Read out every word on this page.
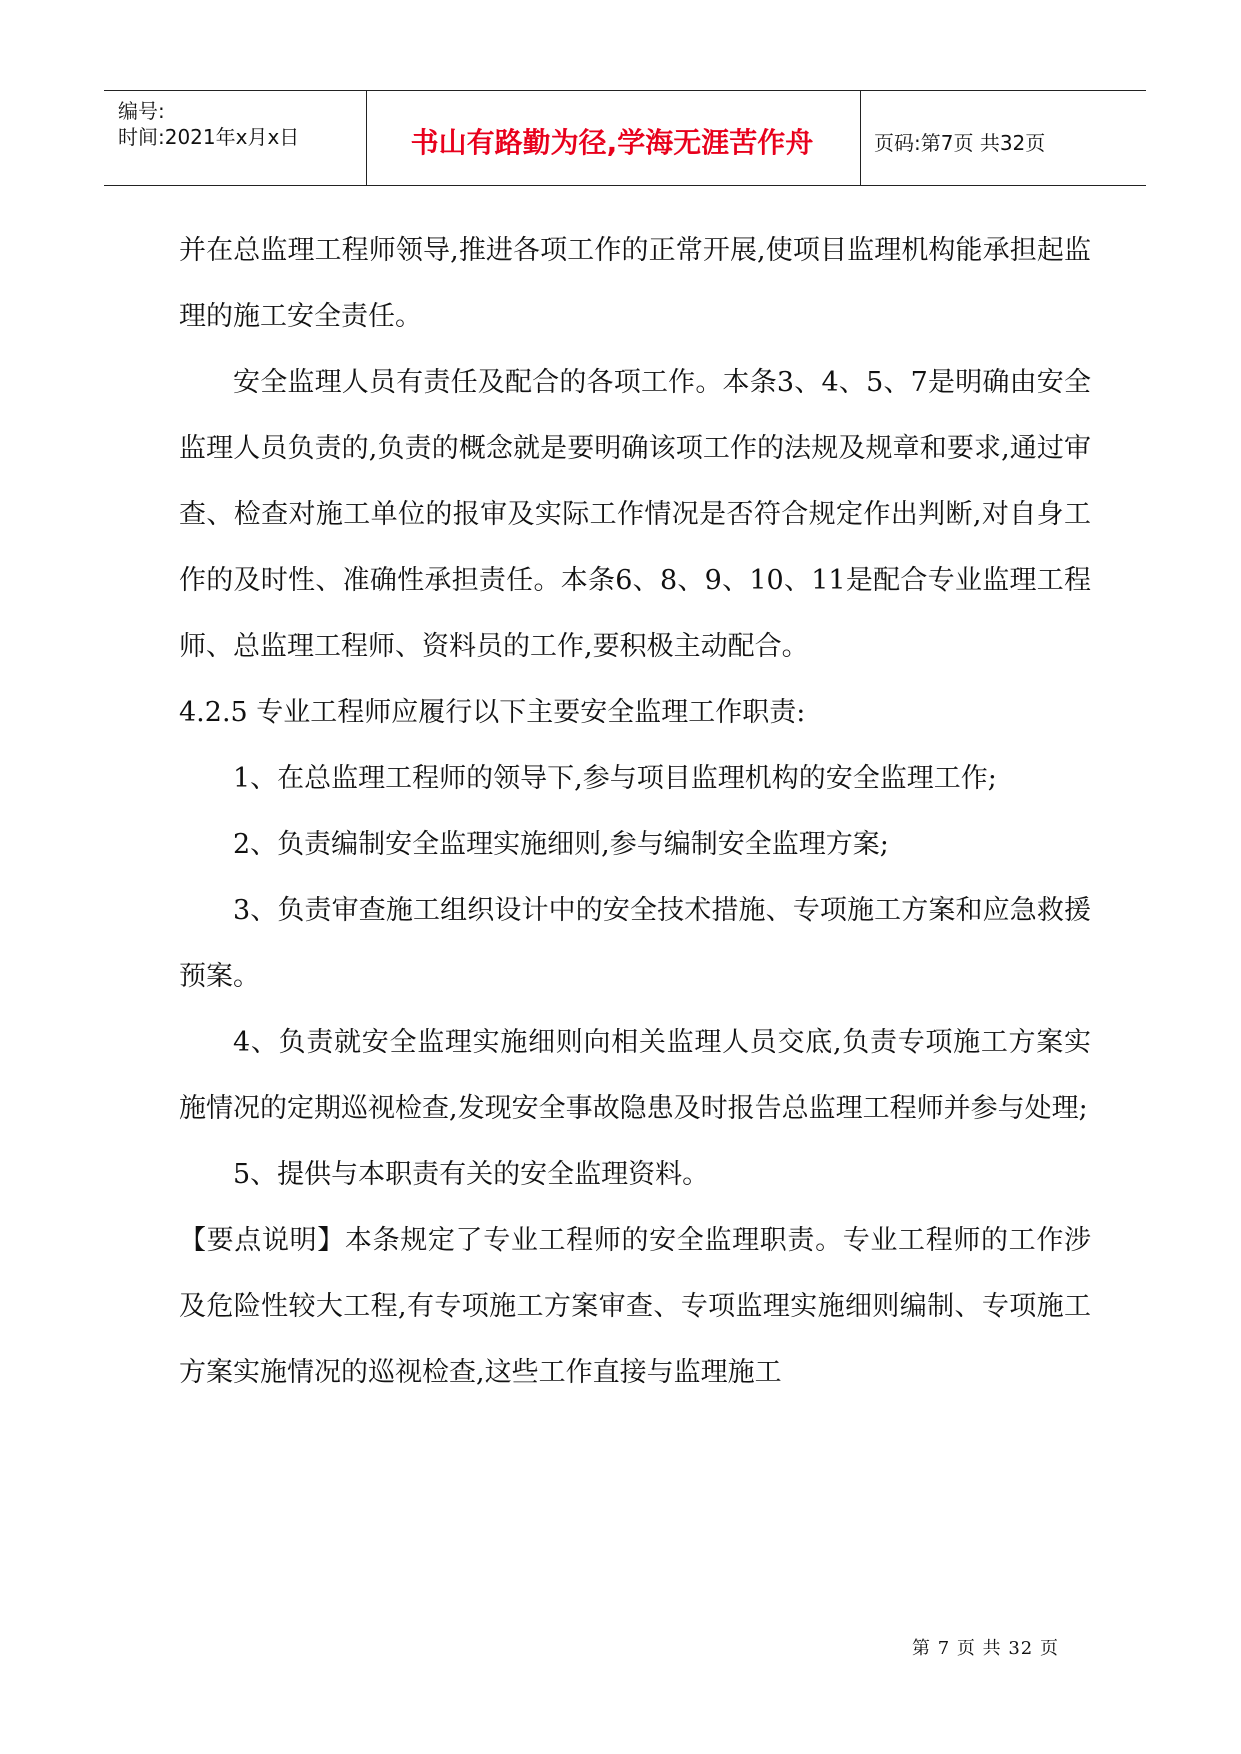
编号:
时间:2021年x月x日	书山有路勤为径,学海无涯苦作舟	页码:第7页 共32页

并在总监理工程师领导,推进各项工作的正常开展,使项目监理机构能承担起监理的施工安全责任。

安全监理人员有责任及配合的各项工作。本条3、4、5、7是明确由安全监理人员负责的,负责的概念就是要明确该项工作的法规及规章和要求,通过审查、检查对施工单位的报审及实际工作情况是否符合规定作出判断,对自身工作的及时性、准确性承担责任。本条6、8、9、10、11是配合专业监理工程师、总监理工程师、资料员的工作,要积极主动配合。

4.2.5 专业工程师应履行以下主要安全监理工作职责:

1、在总监理工程师的领导下,参与项目监理机构的安全监理工作;

2、负责编制安全监理实施细则,参与编制安全监理方案;

3、负责审查施工组织设计中的安全技术措施、专项施工方案和应急救援预案。

4、负责就安全监理实施细则向相关监理人员交底,负责专项施工方案实施情况的定期巡视检查,发现安全事故隐患及时报告总监理工程师并参与处理;

5、提供与本职责有关的安全监理资料。

【要点说明】本条规定了专业工程师的安全监理职责。专业工程师的工作涉及危险性较大工程,有专项施工方案审查、专项监理实施细则编制、专项施工方案实施情况的巡视检查,这些工作直接与监理施工

第 7 页 共 32 页
